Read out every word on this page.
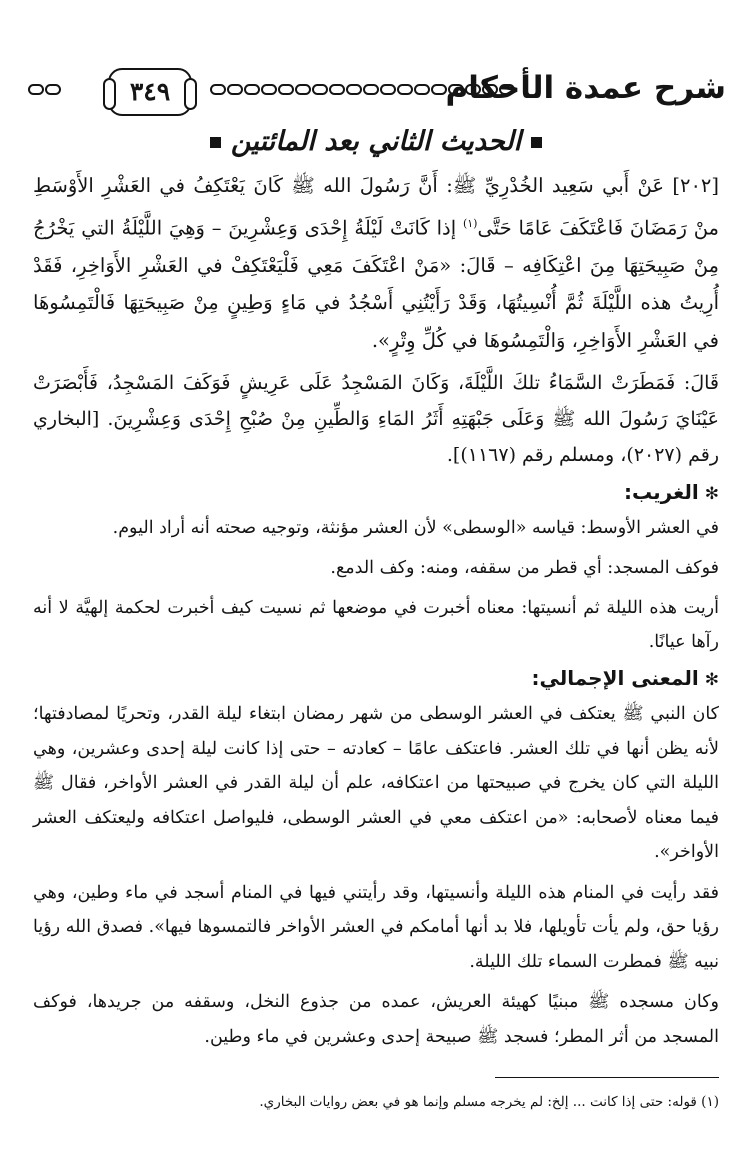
٣٤٩	شرح عمدة الأحكام
الحديث الثاني بعد المائتين

[٢٠٢] عَنْ أَبي سَعِيد الخُدْرِيِّ ﷺ: أَنَّ رَسُولَ الله ﷺ كَانَ يَعْتَكِفُ في العَشْرِ الأَوْسَطِ منْ رَمَضَانَ فَاعْتَكَفَ عَامًا حَتَّى$^{(١)}$ إذا كَانَتْ لَيْلَةُ إِحْدَى وَعِشْرِينَ – وَهِيَ اللَّيْلَةُ التي يَخْرُجُ مِنْ صَبِيحَتِهَا مِنَ اعْتِكَافِه – قَالَ: «مَنْ اعْتَكَفَ مَعِي فَلْيَعْتَكِفْ في العَشْرِ الأَوَاخِرِ، فَقَدْ أُرِيتُ هذه اللَّيْلَةَ ثُمَّ أُنْسِيتُهَا، وَقَدْ رَأَيْتُنِي أَسْجُدُ في مَاءٍ وَطِينٍ مِنْ صَبِيحَتِهَا فَالْتَمِسُوهَا في العَشْرِ الأَوَاخِرِ، وَالْتَمِسُوهَا في كُلِّ وِتْرٍ».

قَالَ: فَمَطَرَتْ السَّمَاءُ تلكَ اللَّيْلَةَ، وَكَانَ المَسْجِدُ عَلَى عَرِيشٍ فَوَكَفَ المَسْجِدُ، فَأَبْصَرَتْ عَيْنَايَ رَسُولَ الله ﷺ وَعَلَى جَبْهَتِهِ أَثَرُ المَاءِ وَالطِّينِ مِنْ صُبْحِ إِحْدَى وَعِشْرِينَ. [البخاري رقم (٢٠٢٧)، ومسلم رقم (١١٦٧)].

✻الغريب:

في العشر الأوسط: قياسه «الوسطى» لأن العشر مؤنثة، وتوجيه صحته أنه أراد اليوم.

فوكف المسجد: أي قطر من سقفه، ومنه: وكف الدمع.

أريت هذه الليلة ثم أنسيتها: معناه أخبرت في موضعها ثم نسيت كيف أخبرت لحكمة إلهيَّة لا أنه رآها عيانًا.

✻المعنى الإجمالي:

كان النبي ﷺ يعتكف في العشر الوسطى من شهر رمضان ابتغاء ليلة القدر، وتحريًا لمصادفتها؛ لأنه يظن أنها في تلك العشر. فاعتكف عامًا – كعادته – حتى إذا كانت ليلة إحدى وعشرين، وهي الليلة التي كان يخرج في صبيحتها من اعتكافه، علم أن ليلة القدر في العشر الأواخر، فقال ﷺ فيما معناه لأصحابه: «من اعتكف معي في العشر الوسطى، فليواصل اعتكافه وليعتكف العشر الأواخر».

فقد رأيت في المنام هذه الليلة وأنسيتها، وقد رأيتني فيها في المنام أسجد في ماء وطين، وهي رؤيا حق، ولم يأت تأويلها، فلا بد أنها أمامكم في العشر الأواخر فالتمسوها فيها». فصدق الله رؤيا نبيه ﷺ فمطرت السماء تلك الليلة.

وكان مسجده ﷺ مبنيًا كهيئة العريش، عمده من جذوع النخل، وسقفه من جريدها، فوكف المسجد من أثر المطر؛ فسجد ﷺ صبيحة إحدى وعشرين في ماء وطين.

(١) قوله: حتى إذا كانت ... إلخ: لم يخرجه مسلم وإنما هو في بعض روايات البخاري.
